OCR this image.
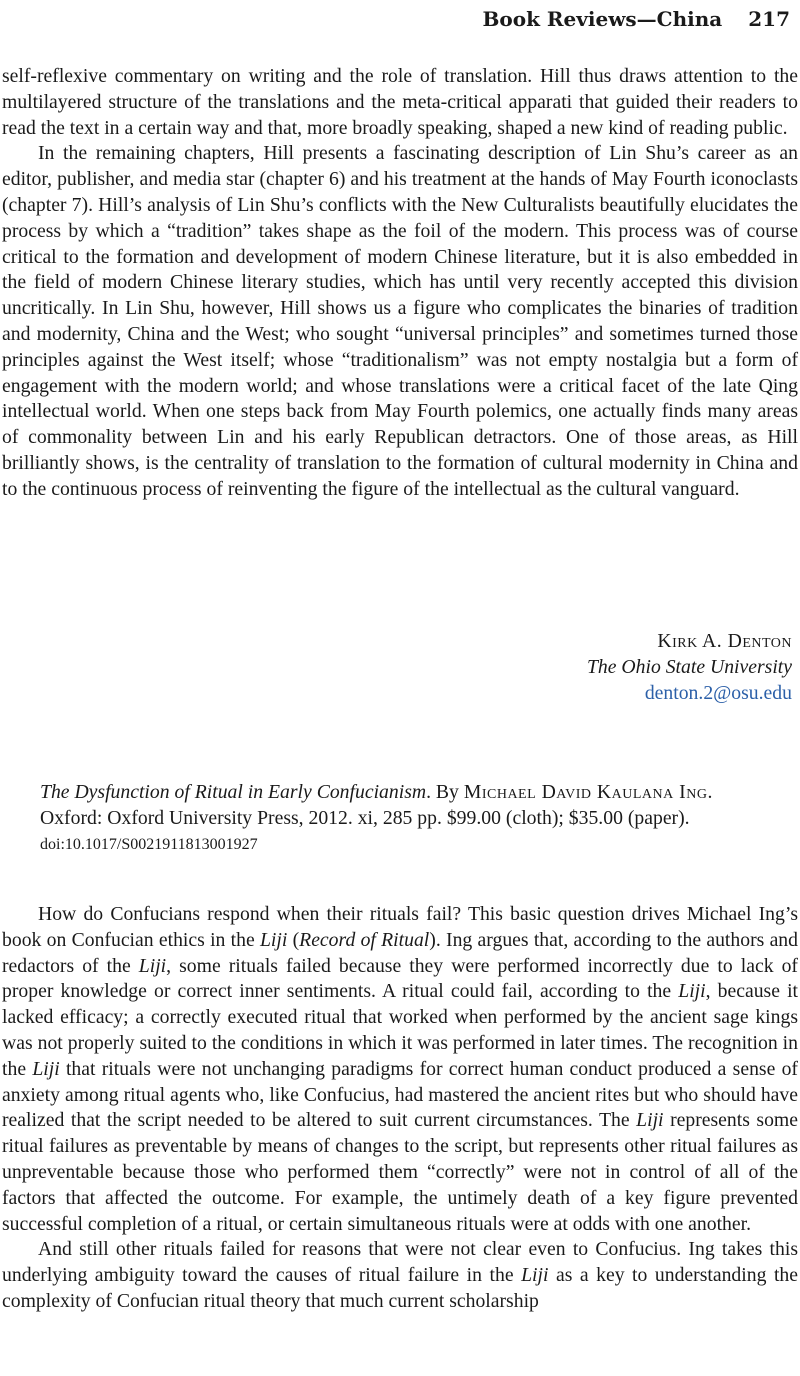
Book Reviews—China 217

self-reflexive commentary on writing and the role of translation. Hill thus draws attention to the multilayered structure of the translations and the meta-critical apparati that guided their readers to read the text in a certain way and that, more broadly speaking, shaped a new kind of reading public.

In the remaining chapters, Hill presents a fascinating description of Lin Shu’s career as an editor, publisher, and media star (chapter 6) and his treatment at the hands of May Fourth iconoclasts (chapter 7). Hill’s analysis of Lin Shu’s conflicts with the New Culturalists beautifully elucidates the process by which a “tradition” takes shape as the foil of the modern. This process was of course critical to the formation and development of modern Chinese literature, but it is also embedded in the field of modern Chinese literary studies, which has until very recently accepted this division uncritically. In Lin Shu, however, Hill shows us a figure who complicates the binaries of tradition and modernity, China and the West; who sought “universal principles” and sometimes turned those principles against the West itself; whose “traditionalism” was not empty nostalgia but a form of engagement with the modern world; and whose translations were a critical facet of the late Qing intellectual world. When one steps back from May Fourth polemics, one actually finds many areas of commonality between Lin and his early Republican detractors. One of those areas, as Hill brilliantly shows, is the centrality of translation to the formation of cultural modernity in China and to the continuous process of reinventing the figure of the intellectual as the cultural vanguard.

Kirk A. Denton
The Ohio State University
denton.2@osu.edu
The Dysfunction of Ritual in Early Confucianism. By Michael David Kaulana Ing. Oxford: Oxford University Press, 2012. xi, 285 pp. $99.00 (cloth); $35.00 (paper).
doi:10.1017/S0021911813001927

How do Confucians respond when their rituals fail? This basic question drives Michael Ing’s book on Confucian ethics in the Liji (Record of Ritual). Ing argues that, according to the authors and redactors of the Liji, some rituals failed because they were performed incorrectly due to lack of proper knowledge or correct inner sentiments. A ritual could fail, according to the Liji, because it lacked efficacy; a correctly executed ritual that worked when performed by the ancient sage kings was not properly suited to the conditions in which it was performed in later times. The recognition in the Liji that rituals were not unchanging paradigms for correct human conduct produced a sense of anxiety among ritual agents who, like Confucius, had mastered the ancient rites but who should have realized that the script needed to be altered to suit current circumstances. The Liji represents some ritual failures as preventable by means of changes to the script, but represents other ritual failures as unpreventable because those who performed them “correctly” were not in control of all of the factors that affected the outcome. For example, the untimely death of a key figure prevented successful completion of a ritual, or certain simultaneous rituals were at odds with one another.

And still other rituals failed for reasons that were not clear even to Confucius. Ing takes this underlying ambiguity toward the causes of ritual failure in the Liji as a key to understanding the complexity of Confucian ritual theory that much current scholarship
